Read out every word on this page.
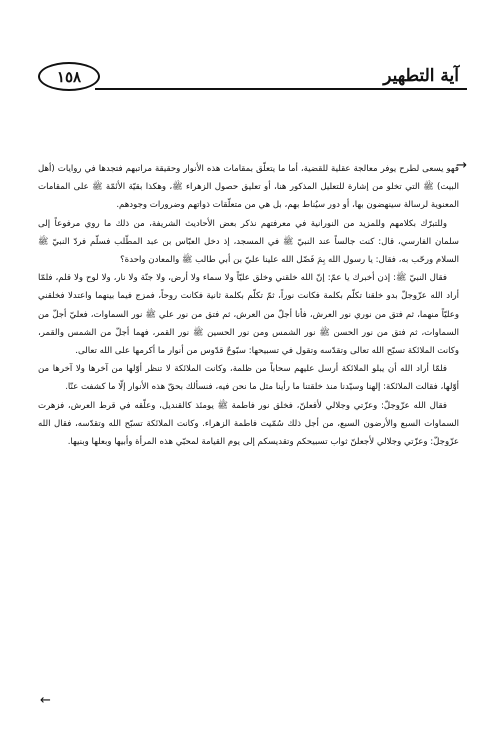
آية التطهير
١٥٨
→

فهو يسعى لطرح يوفر معالجة عقلية للقضية، أما ما يتعلّق بمقامات هذه الأنوار وحقيقة مراتبهم فتجدها في روايات (أهل البيت) ﷺ التي تخلو من إشارة للتعليل المذكور هنا، أو تعليق حصول الزهراء ﷺ، وهكذا بقيّة الأئمّة ﷺ على المقامات المعنوية لرسالة سينهضون بها، أو دور سيُناط بهم، بل هي من متعلّقات ذواتهم وضرورات وجودهم.

وللتبرّك بكلامهم وللمزيد من النورانية في معرفتهم نذكر بعض الأحاديث الشريفة، من ذلك ما روي مرفوعاً إلى سلمان الفارسي، قال: كنت جالساً عند النبيّ ﷺ في المسجد، إذ دخل العبّاس بن عبد المطّلب فسلّم فردّ النبيّ ﷺ السلام ورحّب به، فقال: يا رسول الله بِمَ فَضّل الله علينا عليّ بن أبي طالب ﷺ والمعادن واحدة؟

فقال النبيّ ﷺ: إذن أخبرك يا عمّ: إنّ الله خلقني وخلق عليّاً ولا سماء ولا أرض، ولا جنّة ولا نار، ولا لوح ولا قلم، فلمّا أراد الله عزّوجلّ بدو خلقنا تكلّم بكلمة فكانت نوراً، ثمّ تكلّم بكلمة ثانية فكانت روحاً، فمزج فيما بينهما واعتدلا فخلقني وعليّاً منهما، ثم فتق من نوري نور العرش، فأنا أجلّ من العرش، ثم فتق من نور علي ﷺ نور السماوات، فعليّ أجلّ من السماوات، ثم فتق من نور الحسن ﷺ نور الشمس ومن نور الحسين ﷺ نور القمر، فهما أجلّ من الشمس والقمر، وكانت الملائكة تسبّح الله تعالى وتقدّسه وتقول في تسبيحها: سبّوحٌ قدّوس من أنوار ما أكرمها على الله تعالى.

فلمّا أراد الله أن يبلو الملائكة أرسل عليهم سحاباً من ظلمة، وكانت الملائكة لا تنظر أوّلها من آخرها ولا آخرها من أوّلها، فقالت الملائكة: إلهنا وسيّدنا منذ خلقتنا ما رأينا مثل ما نحن فيه، فنسألك بحقّ هذه الأنوار إلّا ما كشفت عنّا.

فقال الله عزّوجلّ: وعزّتي وجلالي لأفعلنّ، فخلق نور فاطمة ﷺ يومئذ كالقنديل، وعلّقه في قرط العرش، فزهرت السماوات السبع والأرضون السبع، من أجل ذلك سُمّيت فاطمة الزهراء. وكانت الملائكة تسبّح الله وتقدّسه، فقال الله عزّوجلّ: وعزّتي وجلالي لأجعلنّ ثواب تسبيحكم وتقديسكم إلى يوم القيامة لمحبّي هذه المرأة وأبيها وبعلها وبنيها.

←
